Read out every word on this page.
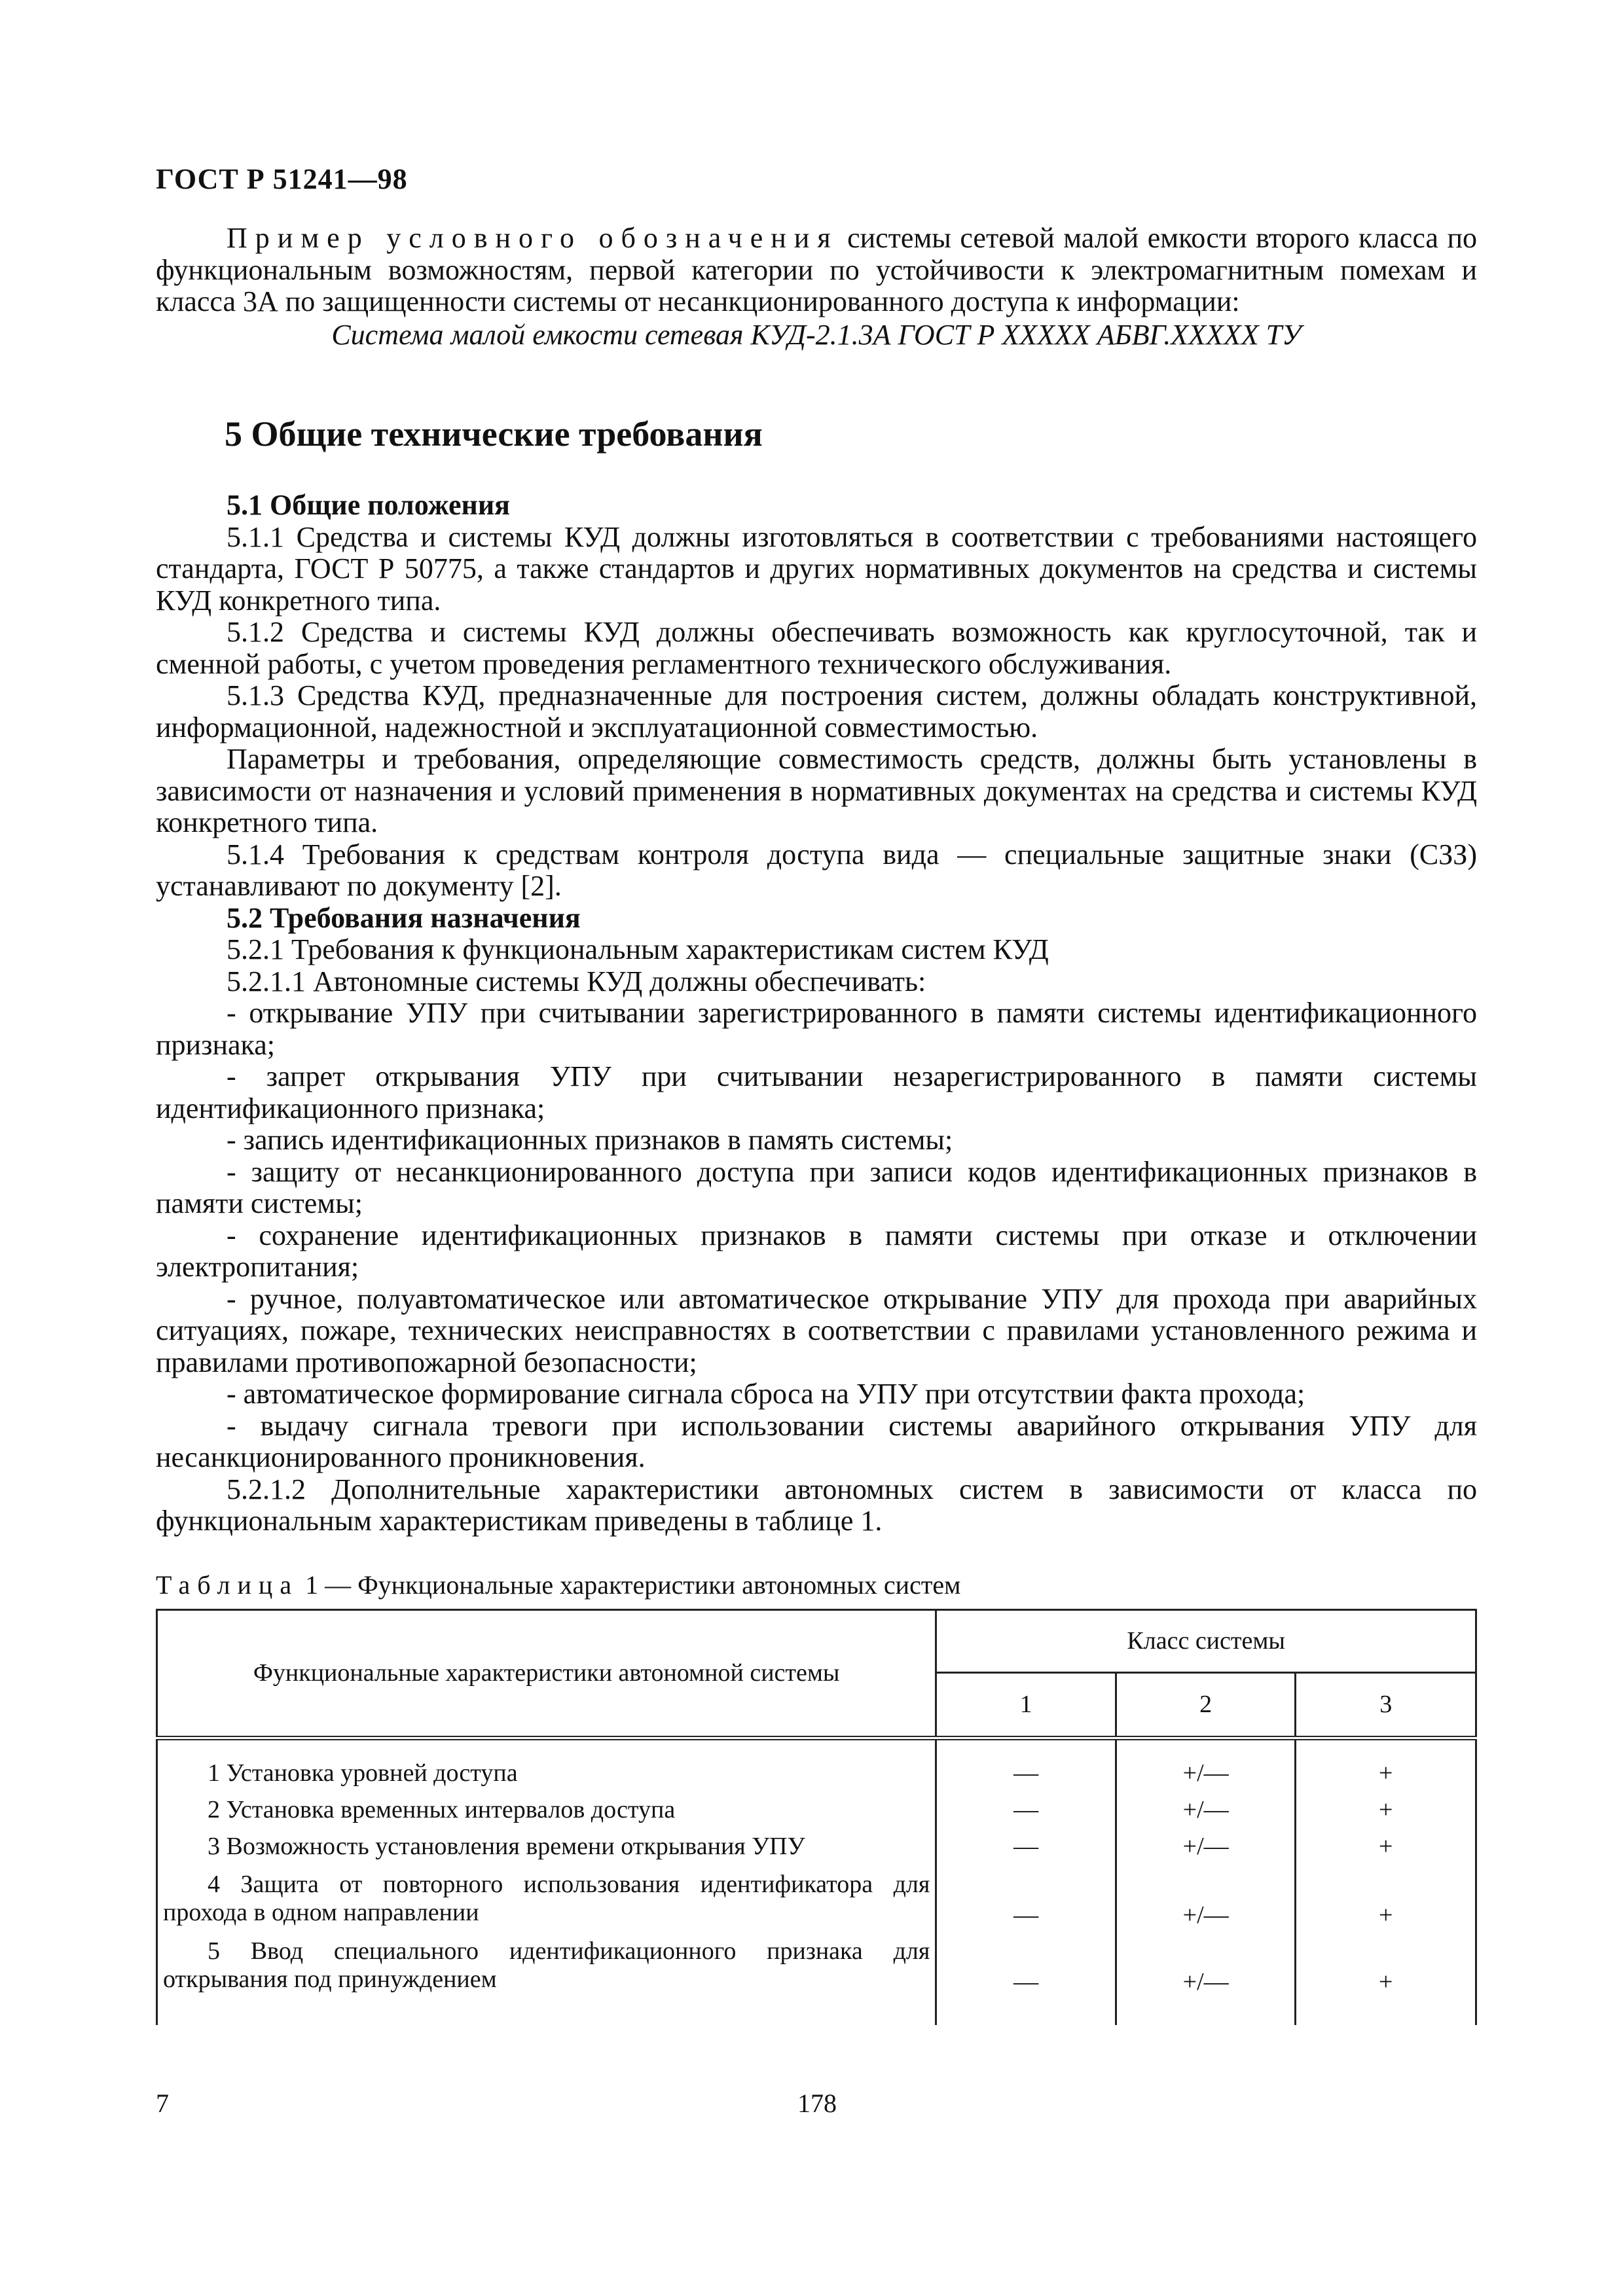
ГОСТ Р 51241—98

Пример условного обозначения системы сетевой малой емкости второго класса по функциональным возможностям, первой категории по устойчивости к электромагнитным помехам и класса 3А по защищенности системы от несанкционированного доступа к информации:

Система малой емкости сетевая КУД-2.1.3А ГОСТ Р ХХХХХ АБВГ.ХХХХХ ТУ

5 Общие технические требования

5.1 Общие положения

5.1.1 Средства и системы КУД должны изготовляться в соответствии с требованиями настоящего стандарта, ГОСТ Р 50775, а также стандартов и других нормативных документов на средства и системы КУД конкретного типа.

5.1.2 Средства и системы КУД должны обеспечивать возможность как круглосуточной, так и сменной работы, с учетом проведения регламентного технического обслуживания.

5.1.3 Средства КУД, предназначенные для построения систем, должны обладать конструктивной, информационной, надежностной и эксплуатационной совместимостью.

Параметры и требования, определяющие совместимость средств, должны быть установлены в зависимости от назначения и условий применения в нормативных документах на средства и системы КУД конкретного типа.

5.1.4 Требования к средствам контроля доступа вида — специальные защитные знаки (СЗЗ) устанавливают по документу [2].

5.2 Требования назначения

5.2.1 Требования к функциональным характеристикам систем КУД

5.2.1.1 Автономные системы КУД должны обеспечивать:

- открывание УПУ при считывании зарегистрированного в памяти системы идентификационного признака;

- запрет открывания УПУ при считывании незарегистрированного в памяти системы идентификационного признака;

- запись идентификационных признаков в память системы;

- защиту от несанкционированного доступа при записи кодов идентификационных признаков в памяти системы;

- сохранение идентификационных признаков в памяти системы при отказе и отключении электропитания;

- ручное, полуавтоматическое или автоматическое открывание УПУ для прохода при аварийных ситуациях, пожаре, технических неисправностях в соответствии с правилами установленного режима и правилами противопожарной безопасности;

- автоматическое формирование сигнала сброса на УПУ при отсутствии факта прохода;

- выдачу сигнала тревоги при использовании системы аварийного открывания УПУ для несанкционированного проникновения.

5.2.1.2 Дополнительные характеристики автономных систем в зависимости от класса по функциональным характеристикам приведены в таблице 1.

Таблица 1 — Функциональные характеристики автономных систем
Функциональные характеристики автономной системы	Класс системы		
	1	2	3

1 Установка уровней доступа	—	+/—	+
2 Установка временных интервалов доступа	—	+/—	+
3 Возможность установления времени открывания УПУ	—	+/—	+
4 Защита от повторного использования идентификатора для прохода в одном направлении	—	+/—	+
5 Ввод специального идентификационного признака для открывания под принуждением	—	+/—	+

7	178
